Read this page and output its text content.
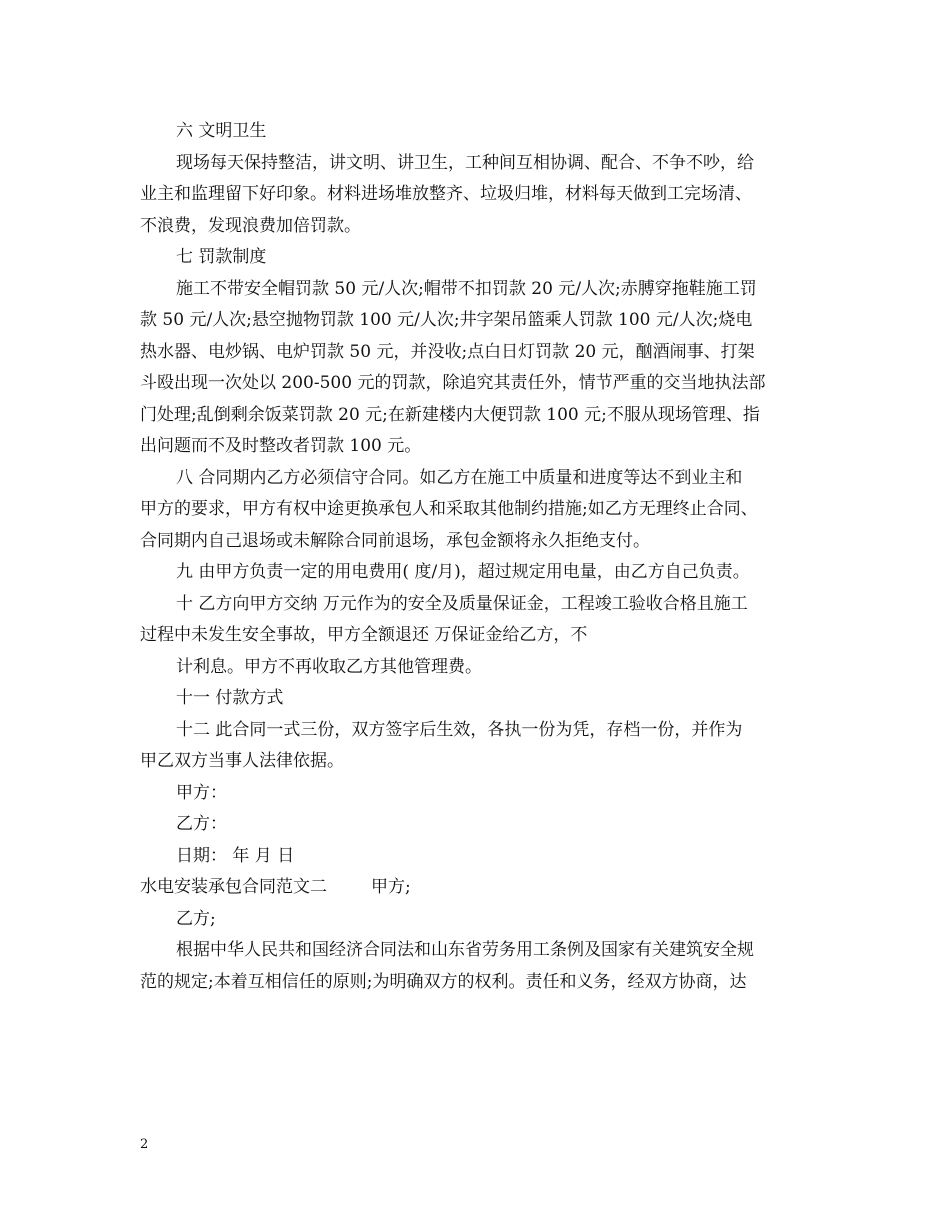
六 文明卫生
现场每天保持整洁，讲文明、讲卫生，工种间互相协调、配合、不争不吵，给
业主和监理留下好印象。材料进场堆放整齐、垃圾归堆，材料每天做到工完场清、
不浪费，发现浪费加倍罚款。
七 罚款制度
施工不带安全帽罚款 50 元/人次;帽带不扣罚款 20 元/人次;赤膊穿拖鞋施工罚
款 50 元/人次;悬空抛物罚款 100 元/人次;井字架吊篮乘人罚款 100 元/人次;烧电
热水器、电炒锅、电炉罚款 50 元，并没收;点白日灯罚款 20 元，酗酒闹事、打架
斗殴出现一次处以 200-500 元的罚款，除追究其责任外，情节严重的交当地执法部
门处理;乱倒剩余饭菜罚款 20 元;在新建楼内大便罚款 100 元;不服从现场管理、指
出问题而不及时整改者罚款 100 元。
八 合同期内乙方必须信守合同。如乙方在施工中质量和进度等达不到业主和
甲方的要求，甲方有权中途更换承包人和采取其他制约措施;如乙方无理终止合同、
合同期内自己退场或未解除合同前退场，承包金额将永久拒绝支付。
九 由甲方负责一定的用电费用( 度/月)，超过规定用电量，由乙方自己负责。
十 乙方向甲方交纳 万元作为的安全及质量保证金，工程竣工验收合格且施工
过程中未发生安全事故，甲方全额退还 万保证金给乙方，不
计利息。甲方不再收取乙方其他管理费。
十一 付款方式
十二 此合同一式三份，双方签字后生效，各执一份为凭，存档一份，并作为
甲乙双方当事人法律依据。
甲方：
乙方：
日期： 年 月 日
水电安装承包合同范文二	甲方;
乙方;
根据中华人民共和国经济合同法和山东省劳务用工条例及国家有关建筑安全规
范的规定;本着互相信任的原则;为明确双方的权利。责任和义务，经双方协商，达
2
